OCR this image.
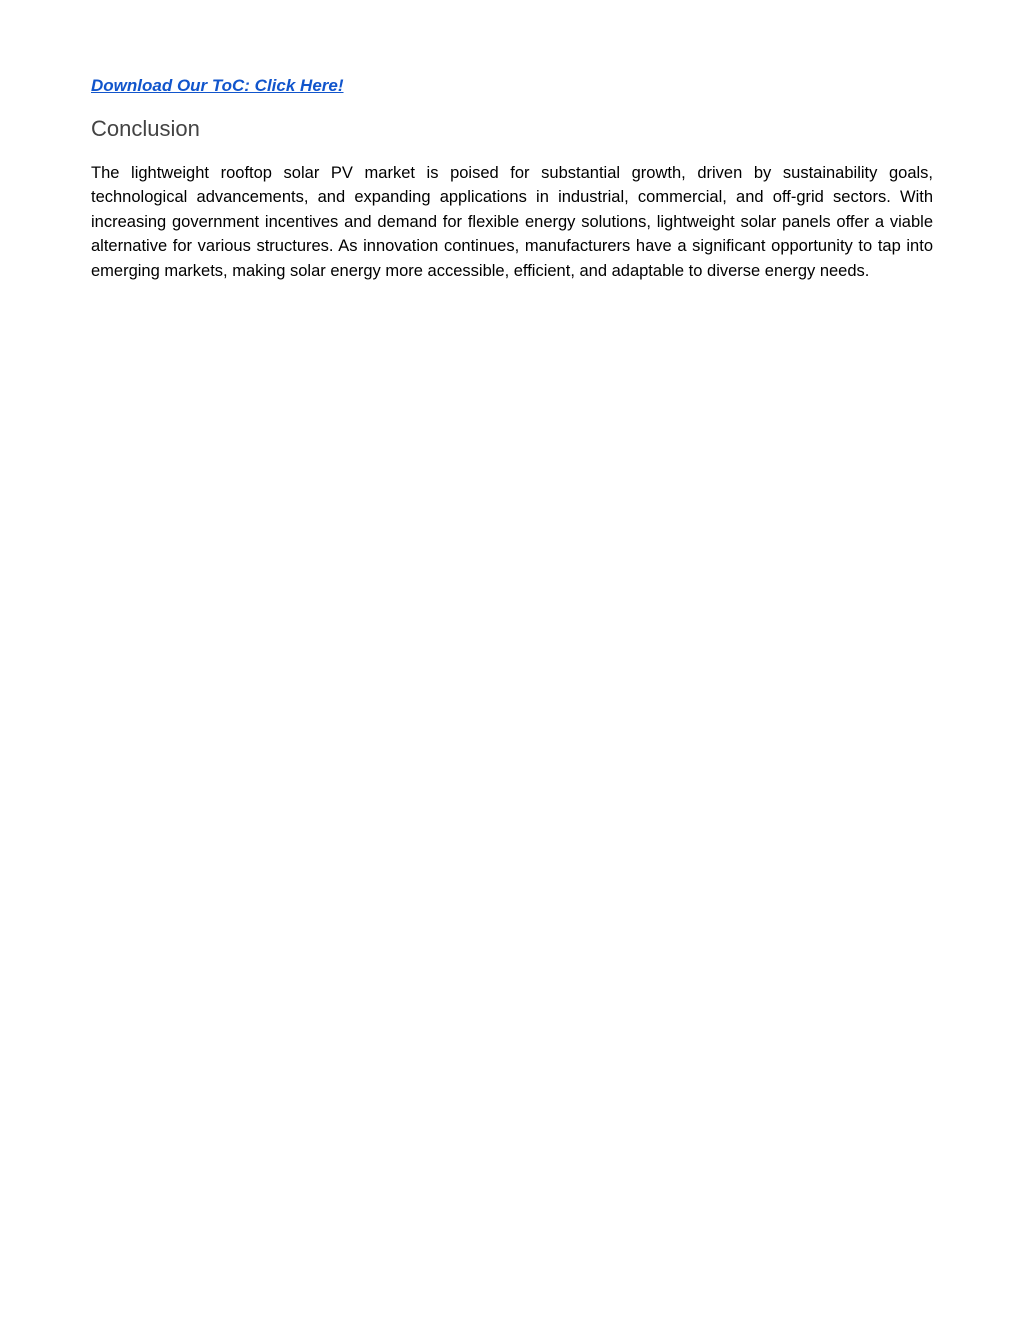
Download Our ToC: Click Here!
Conclusion

The lightweight rooftop solar PV market is poised for substantial growth, driven by sustainability goals, technological advancements, and expanding applications in industrial, commercial, and off-grid sectors. With increasing government incentives and demand for flexible energy solutions, lightweight solar panels offer a viable alternative for various structures. As innovation continues, manufacturers have a significant opportunity to tap into emerging markets, making solar energy more accessible, efficient, and adaptable to diverse energy needs.
